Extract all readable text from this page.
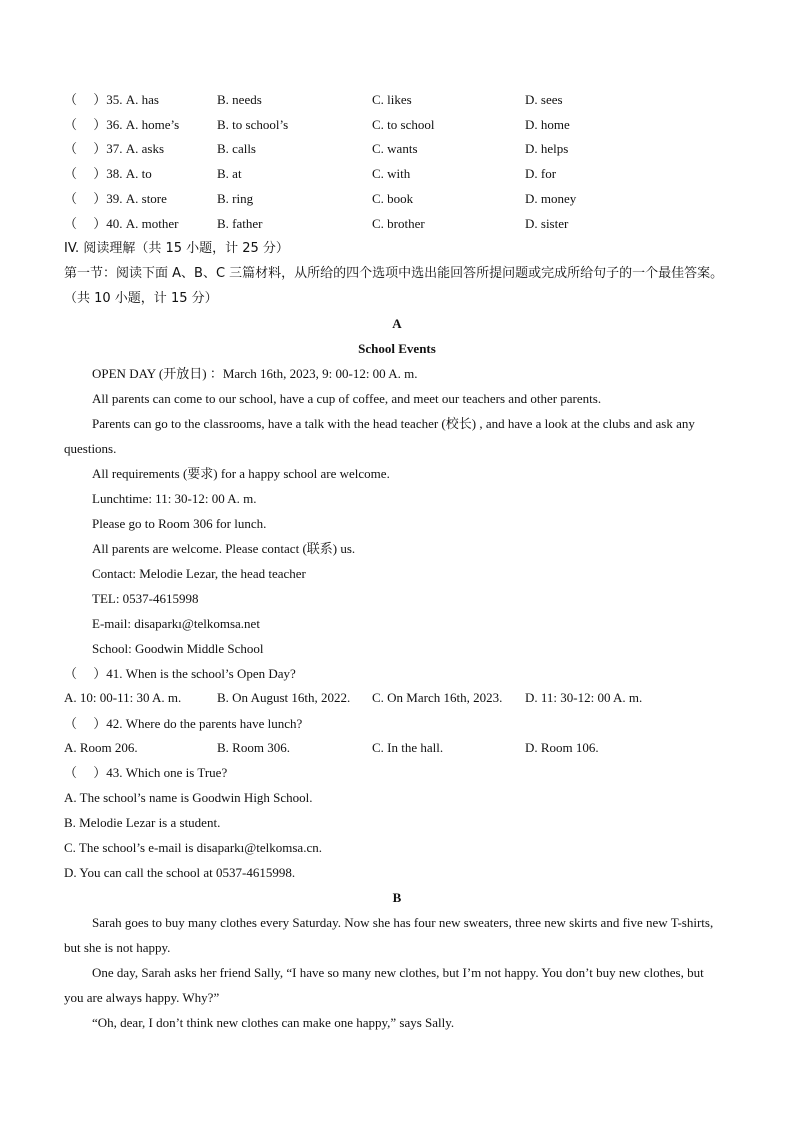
（　 ）35. A. has	B. needs	C. likes	D. sees
（　 ）36. A. home’s	B. to school’s	C. to school	D. home
（　 ）37. A. asks	B. calls	C. wants	D. helps
（　 ）38. A. to	B. at	C. with	D. for
（　 ）39. A. store	B. ring	C. book	D. money
（　 ）40. A. mother	B. father	C. brother	D. sister
IV. 阅读理解（共 15 小题，计 25 分）
第一节：阅读下面 A、B、C 三篇材料，从所给的四个选项中选出能回答所提问题或完成所给句子的一个最佳答案。（共 10 小题，计 15 分）
A
School Events
OPEN DAY (开放日) ：March 16th, 2023, 9: 00-12: 00 A. m.
All parents can come to our school, have a cup of coffee, and meet our teachers and other parents.
Parents can go to the classrooms, have a talk with the head teacher (校长) , and have a look at the clubs and ask any questions.
All requirements (要求) for a happy school are welcome.
Lunchtime: 11: 30-12: 00 A. m.
Please go to Room 306 for lunch.
All parents are welcome. Please contact (联系) us.
Contact: Melodie Lezar, the head teacher
TEL: 0537-4615998
E-mail: disaparkı@telkomsa.net
School: Goodwin Middle School
（　 ）41. When is the school’s Open Day?
A. 10: 00-11: 30 A. m.	B. On August 16th, 2022. C. On March 16th, 2023. D. 11: 30-12: 00 A. m.
（　 ）42. Where do the parents have lunch?
A. Room 206.	B. Room 306.	C. In the hall.	D. Room 106.
（　 ）43. Which one is True?
A. The school’s name is Goodwin High School.
B. Melodie Lezar is a student.
C. The school’s e-mail is disaparkı@telkomsa.cn.
D. You can call the school at 0537-4615998.
B
Sarah goes to buy many clothes every Saturday. Now she has four new sweaters, three new skirts and five new T-shirts, but she is not happy.
One day, Sarah asks her friend Sally, “I have so many new clothes, but I’m not happy. You don’t buy new clothes, but you are always happy. Why?”
“Oh, dear, I don’t think new clothes can make one happy,” says Sally.
